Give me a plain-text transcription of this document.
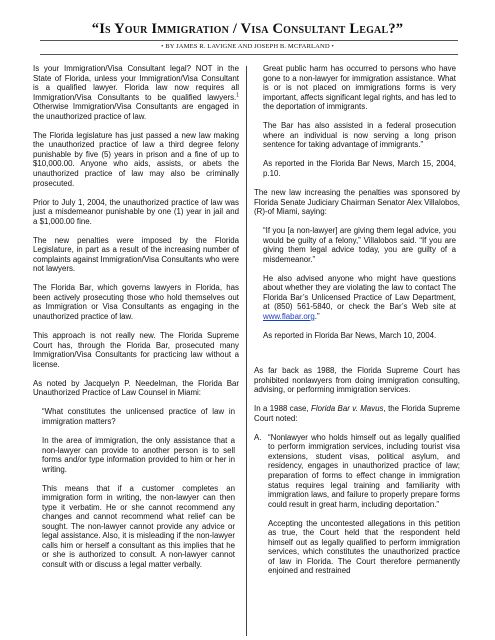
“Is Your Immigration / Visa Consultant Legal?”
• BY JAMES R. LAVIGNE AND JOSEPH B. MCFARLAND •

Is your Immigration/Visa Consultant legal? NOT in the State of Florida, unless your Immigration/Visa Consultant is a qualified lawyer. Florida law now requires all Immigration/Visa Consultants to be qualified lawyers.$^1$ Otherwise Immigration/Visa Consultants are engaged in the unauthorized practice of law.

The Florida legislature has just passed a new law making the unauthorized practice of law a third degree felony punishable by five (5) years in prison and a fine of up to $10,000.00. Anyone who aids, assists, or abets the unauthorized practice of law may also be criminally prosecuted.

Prior to July 1, 2004, the unauthorized practice of law was just a misdemeanor punishable by one (1) year in jail and a $1,000.00 fine.

The new penalties were imposed by the Florida Legislature, in part as a result of the increasing number of complaints against Immigration/Visa Consultants who were not lawyers.

The Florida Bar, which governs lawyers in Florida, has been actively prosecuting those who hold themselves out as Immigration or Visa Consultants as engaging in the unauthorized practice of law.

This approach is not really new. The Florida Supreme Court has, through the Florida Bar, prosecuted many Immigration/Visa Consultants for practicing law without a license.

As noted by Jacquelyn P. Needelman, the Florida Bar Unauthorized Practice of Law Counsel in Miami:

“What constitutes the unlicensed practice of law in immigration matters?

In the area of immigration, the only assistance that a non-lawyer can provide to another person is to sell forms and/or type information provided to him or her in writing.

This means that if a customer completes an immigration form in writing, the non-lawyer can then type it verbatim. He or she cannot recommend any changes and cannot recommend what relief can be sought. The non-lawyer cannot provide any advice or legal assistance. Also, it is misleading if the non-lawyer calls him or herself a consultant as this implies that he or she is authorized to consult. A non-lawyer cannot consult with or discuss a legal matter verbally.

Great public harm has occurred to persons who have gone to a non-lawyer for immigration assistance. What is or is not placed on immigrations forms is very important, affects significant legal rights, and has led to the deportation of immigrants.

The Bar has also assisted in a federal prosecution where an individual is now serving a long prison sentence for taking advantage of immigrants.”

As reported in the Florida Bar News, March 15, 2004, p.10.

The new law increasing the penalties was sponsored by Florida Senate Judiciary Chairman Senator Alex Villalobos, (R)-of Miami, saying:

“If you [a non-lawyer] are giving them legal advice, you would be guilty of a felony,” Villalobos said. “If you are giving them legal advice today, you are guilty of a misdemeanor.”

He also advised anyone who might have questions about whether they are violating the law to contact The Florida Bar’s Unlicensed Practice of Law Department, at (850) 561-5840, or check the Bar’s Web site at www.flabar.org.”

As reported in Florida Bar News, March 10, 2004.

As far back as 1988, the Florida Supreme Court has prohibited nonlawyers from doing immigration consulting, advising, or performing immigration services.

In a 1988 case, Florida Bar v. Mavus, the Florida Supreme Court noted:

A. “Nonlawyer who holds himself out as legally qualified to perform immigration services, including tourist visa extensions, student visas, political asylum, and residency, engages in unauthorized practice of law; preparation of forms to effect change in immigration status requires legal training and familiarity with immigration laws, and failure to properly prepare forms could result in great harm, including deportation.”

Accepting the uncontested allegations in this petition as true, the Court held that the respondent held himself out as legally qualified to perform immigration services, which constitutes the unauthorized practice of law in Florida. The Court therefore permanently enjoined and restrained
